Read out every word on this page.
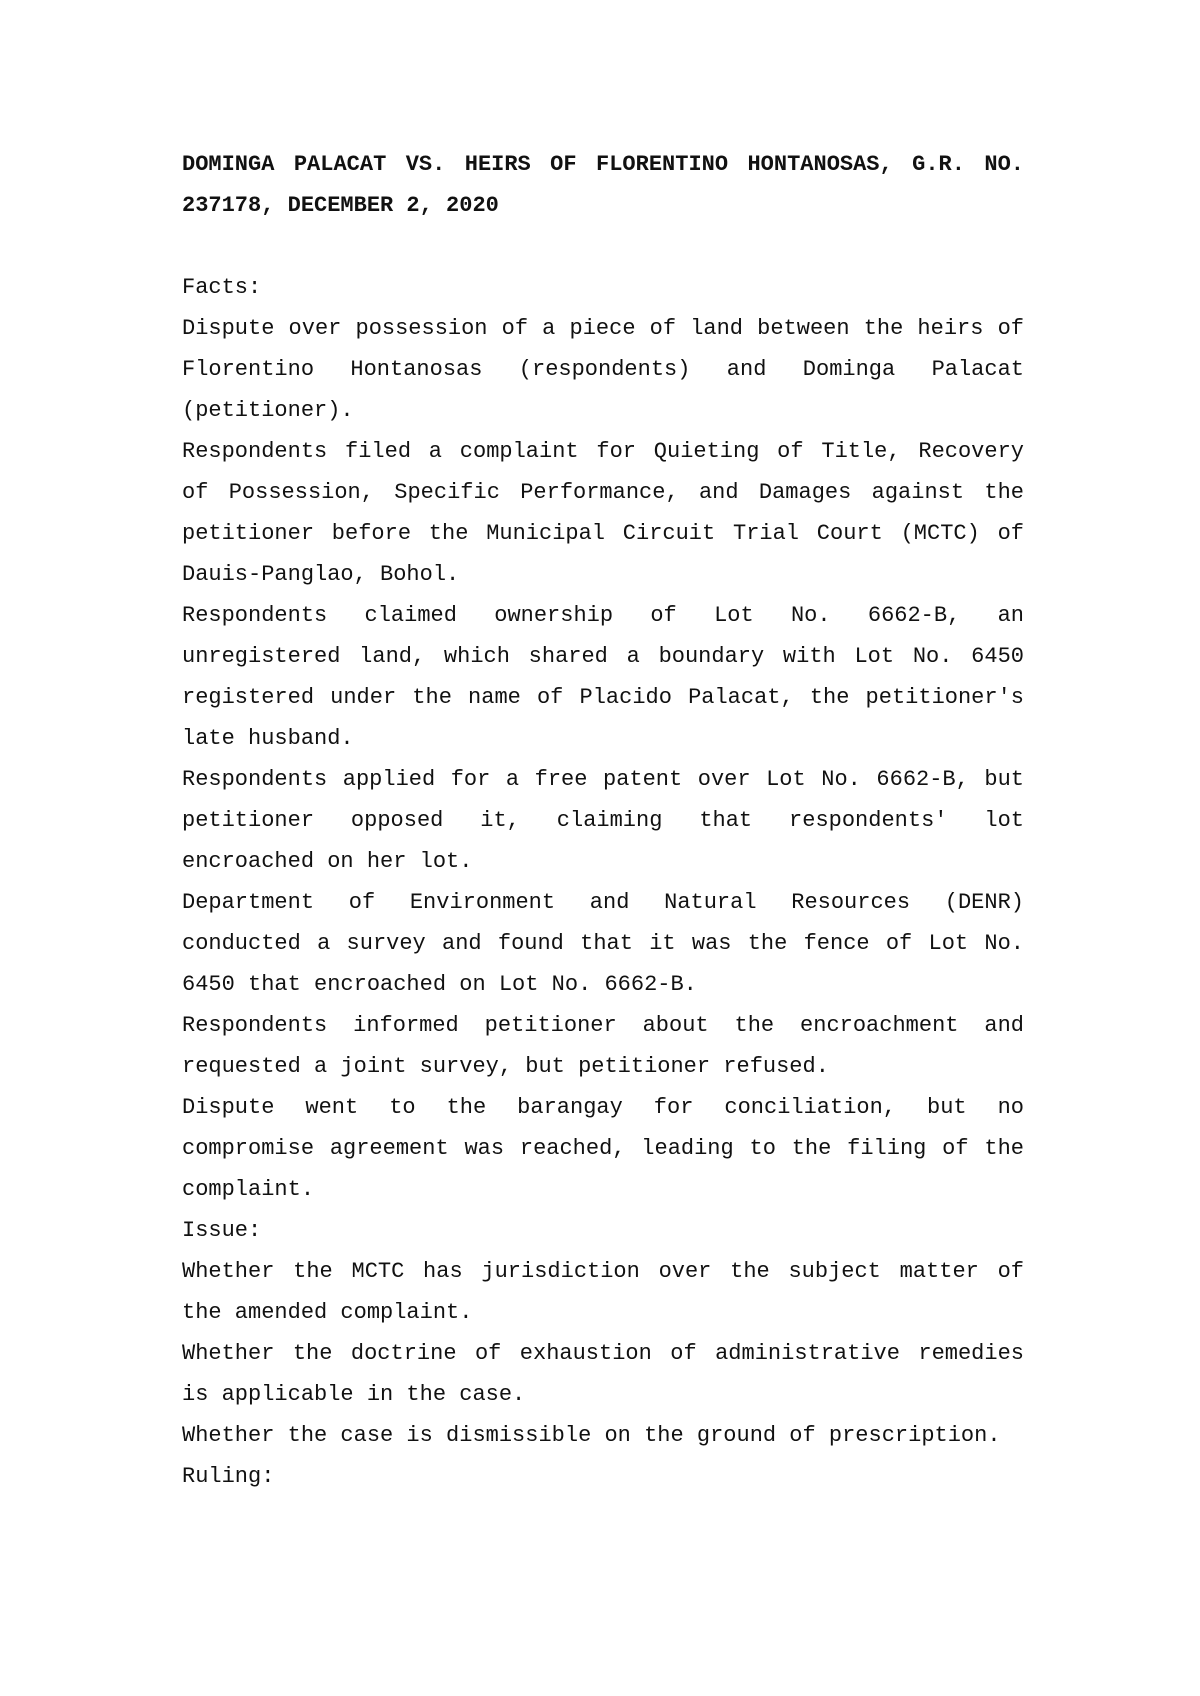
DOMINGA PALACAT VS. HEIRS OF FLORENTINO HONTANOSAS, G.R. NO. 237178, DECEMBER 2, 2020
Facts:

Dispute over possession of a piece of land between the heirs of Florentino Hontanosas (respondents) and Dominga Palacat (petitioner).

Respondents filed a complaint for Quieting of Title, Recovery of Possession, Specific Performance, and Damages against the petitioner before the Municipal Circuit Trial Court (MCTC) of Dauis-Panglao, Bohol.

Respondents claimed ownership of Lot No. 6662-B, an unregistered land, which shared a boundary with Lot No. 6450 registered under the name of Placido Palacat, the petitioner's late husband.

Respondents applied for a free patent over Lot No. 6662-B, but petitioner opposed it, claiming that respondents' lot encroached on her lot.

Department of Environment and Natural Resources (DENR) conducted a survey and found that it was the fence of Lot No. 6450 that encroached on Lot No. 6662-B.

Respondents informed petitioner about the encroachment and requested a joint survey, but petitioner refused.

Dispute went to the barangay for conciliation, but no compromise agreement was reached, leading to the filing of the complaint.

Issue:

Whether the MCTC has jurisdiction over the subject matter of the amended complaint.

Whether the doctrine of exhaustion of administrative remedies is applicable in the case.

Whether the case is dismissible on the ground of prescription.

Ruling:
